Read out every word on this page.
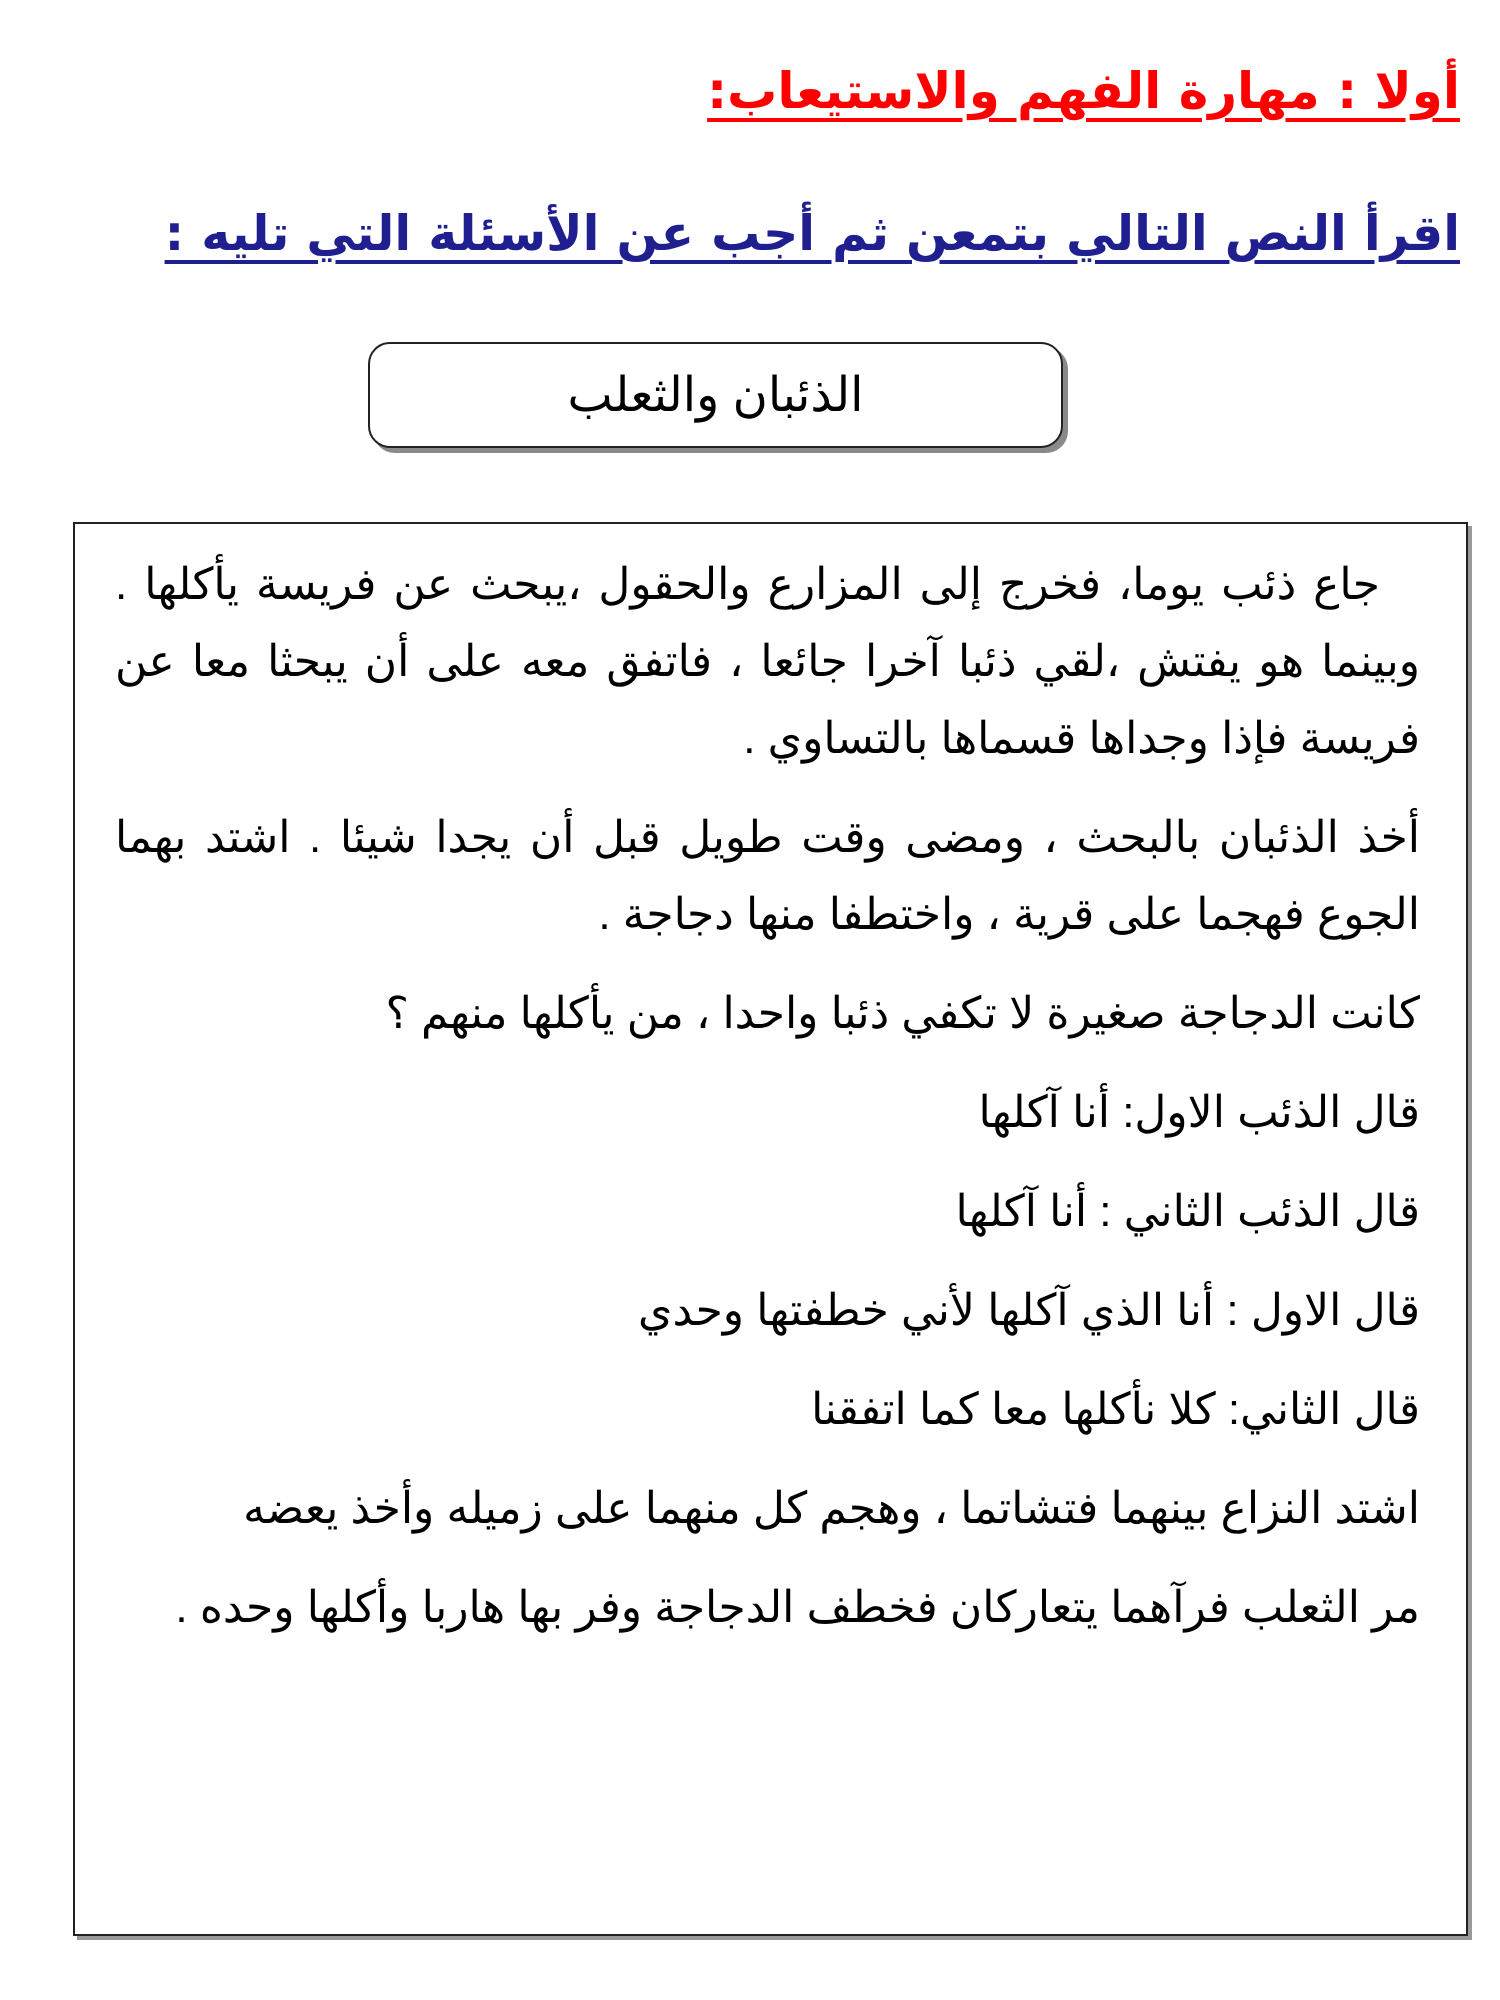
أولا : مهارة الفهم والاستيعاب:
اقرأ النص التالي بتمعن ثم أجب عن الأسئلة التي تليه :
الذئبان والثعلب

جاع ذئب يوما، فخرج إلى المزارع والحقول ،يبحث عن فريسة يأكلها . وبينما هو يفتش ،لقي ذئبا آخرا جائعا ، فاتفق معه على أن يبحثا معا عن فريسة فإذا وجداها قسماها بالتساوي .

أخذ الذئبان بالبحث ، ومضى وقت طويل قبل أن يجدا شيئا . اشتد بهما الجوع فهجما على قرية ، واختطفا منها دجاجة .

كانت الدجاجة صغيرة لا تكفي ذئبا واحدا ، من يأكلها منهم ؟

قال الذئب الاول: أنا آكلها

قال الذئب الثاني : أنا آكلها

قال الاول : أنا الذي آكلها لأني خطفتها وحدي

قال الثاني: كلا نأكلها معا كما اتفقنا

اشتد النزاع بينهما فتشاتما ، وهجم كل منهما على زميله وأخذ يعضه

مر الثعلب فرآهما يتعاركان فخطف الدجاجة وفر بها هاربا وأكلها وحده .
